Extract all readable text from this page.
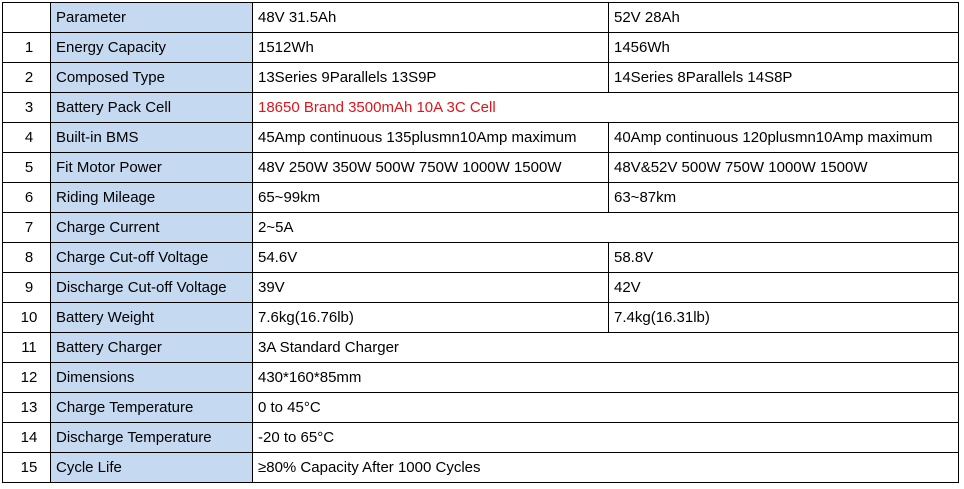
	Parameter	48V 31.5Ah	52V 28Ah
1	Energy Capacity	1512Wh	1456Wh
2	Composed Type	13Series 9Parallels 13S9P	14Series 8Parallels 14S8P
3	Battery Pack Cell	18650 Brand 3500mAh 10A 3C Cell	
4	Built-in BMS	45Amp continuous 135plusmn10Amp maximum	40Amp continuous 120plusmn10Amp maximum
5	Fit Motor Power	48V 250W 350W 500W 750W 1000W 1500W	48V&52V 500W 750W 1000W 1500W
6	Riding Mileage	65~99km	63~87km
7	Charge Current	2~5A	
8	Charge Cut-off Voltage	54.6V	58.8V
9	Discharge Cut-off Voltage	39V	42V
10	Battery Weight	7.6kg(16.76lb)	7.4kg(16.31lb)
11	Battery Charger	3A Standard Charger	
12	Dimensions	430*160*85mm	
13	Charge Temperature	0 to 45°C	
14	Discharge Temperature	-20 to 65°C	
15	Cycle Life	≥80% Capacity After 1000 Cycles	
